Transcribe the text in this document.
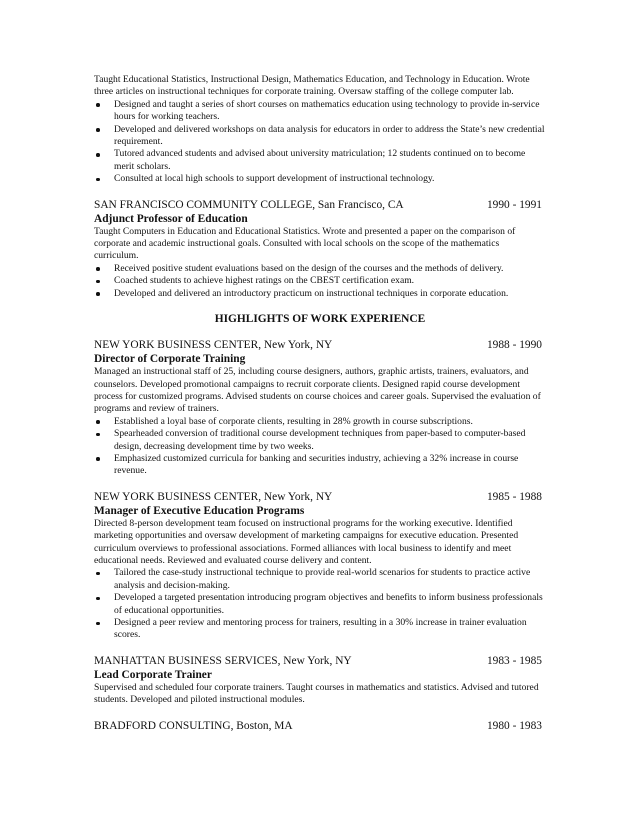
Taught Educational Statistics, Instructional Design, Mathematics Education, and Technology in Education. Wrote three articles on instructional techniques for corporate training. Oversaw staffing of the college computer lab.

Designed and taught a series of short courses on mathematics education using technology to provide in-service hours for working teachers.
Developed and delivered workshops on data analysis for educators in order to address the State’s new credential requirement.
Tutored advanced students and advised about university matriculation; 12 students continued on to become merit scholars.
Consulted at local high schools to support development of instructional technology.
SAN FRANCISCO COMMUNITY COLLEGE, San Francisco, CA	1990 - 1991
Adjunct Professor of Education

Taught Computers in Education and Educational Statistics. Wrote and presented a paper on the comparison of corporate and academic instructional goals. Consulted with local schools on the scope of the mathematics curriculum.

Received positive student evaluations based on the design of the courses and the methods of delivery.
Coached students to achieve highest ratings on the CBEST certification exam.
Developed and delivered an introductory practicum on instructional techniques in corporate education.
HIGHLIGHTS OF WORK EXPERIENCE
NEW YORK BUSINESS CENTER, New York, NY	1988 - 1990
Director of Corporate Training

Managed an instructional staff of 25, including course designers, authors, graphic artists, trainers, evaluators, and counselors. Developed promotional campaigns to recruit corporate clients. Designed rapid course development process for customized programs. Advised students on course choices and career goals. Supervised the evaluation of programs and review of trainers.

Established a loyal base of corporate clients, resulting in 28% growth in course subscriptions.
Spearheaded conversion of traditional course development techniques from paper-based to computer-based design, decreasing development time by two weeks.
Emphasized customized curricula for banking and securities industry, achieving a 32% increase in course revenue.
NEW YORK BUSINESS CENTER, New York, NY	1985 - 1988
Manager of Executive Education Programs

Directed 8-person development team focused on instructional programs for the working executive. Identified marketing opportunities and oversaw development of marketing campaigns for executive education. Presented curriculum overviews to professional associations. Formed alliances with local business to identify and meet educational needs. Reviewed and evaluated course delivery and content.

Tailored the case-study instructional technique to provide real-world scenarios for students to practice active analysis and decision-making.
Developed a targeted presentation introducing program objectives and benefits to inform business professionals of educational opportunities.
Designed a peer review and mentoring process for trainers, resulting in a 30% increase in trainer evaluation scores.
MANHATTAN BUSINESS SERVICES, New York, NY	1983 - 1985
Lead Corporate Trainer

Supervised and scheduled four corporate trainers. Taught courses in mathematics and statistics. Advised and tutored students. Developed and piloted instructional modules.

BRADFORD CONSULTING, Boston, MA	1980 - 1983
